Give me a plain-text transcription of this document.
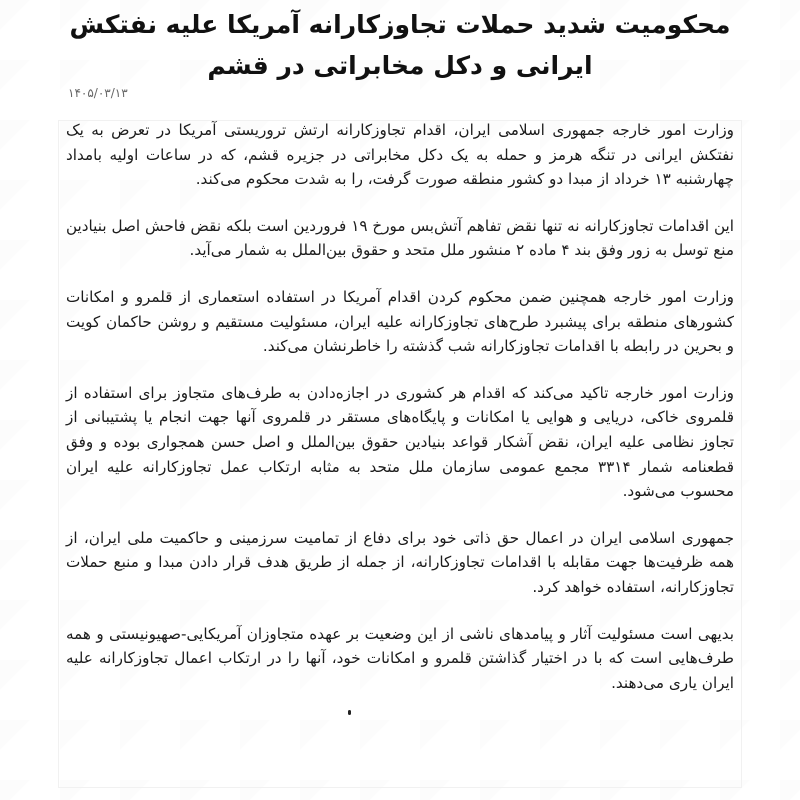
محکومیت شدید حملات تجاوزکارانه آمریکا علیه نفتکش
ایرانی و دکل مخابراتی در قشم
۱۴۰۵/۰۳/۱۳

وزارت امور خارجه جمهوری اسلامی ایران، اقدام تجاوزکارانه ارتش تروریستی آمریکا در تعرض به یک نفتکش ایرانی در تنگه هرمز و حمله به یک دکل مخابراتی در جزیره قشم، که در ساعات اولیه بامداد چهارشنبه ۱۳ خرداد از مبدا دو کشور منطقه صورت گرفت، را به شدت محکوم می‌کند.

این اقدامات تجاوزکارانه نه تنها نقض تفاهم آتش‌بس مورخ ۱۹ فروردین است بلکه نقض فاحش اصل بنیادین منع توسل به زور وفق بند ۴ ماده ۲ منشور ملل متحد و حقوق بین‌الملل به شمار می‌آید.

وزارت امور خارجه همچنین ضمن محکوم کردن اقدام آمریکا در استفاده استعماری از قلمرو و امکانات کشورهای منطقه برای پیشبرد طرح‌های تجاوزکارانه علیه ایران، مسئولیت مستقیم و روشن حاکمان کویت و بحرین در رابطه با اقدامات تجاوزکارانه شب گذشته را خاطرنشان می‌کند.

وزارت امور خارجه تاکید می‌کند که اقدام هر کشوری در اجازه‌دادن به طرف‌های متجاوز برای استفاده از قلمروی خاکی، دریایی و هوایی یا امکانات و پایگاه‌های مستقر در قلمروی آنها جهت انجام یا پشتیبانی از تجاوز نظامی علیه ایران، نقض آشکار قواعد بنیادین حقوق بین‌الملل و اصل حسن همجواری بوده و وفق قطعنامه شمار ۳۳۱۴ مجمع عمومی سازمان ملل متحد به مثابه ارتکاب عمل تجاوزکارانه علیه ایران محسوب می‌شود.

جمهوری اسلامی ایران در اعمال حق ذاتی خود برای دفاع از تمامیت سرزمینی و حاکمیت ملی ایران، از همه ظرفیت‌ها جهت مقابله با اقدامات تجاوزکارانه، از جمله از طریق هدف قرار دادن مبدا و منبع حملات تجاوزکارانه، استفاده خواهد کرد.

بدیهی است مسئولیت آثار و پیامدهای ناشی از این وضعیت بر عهده متجاوزان آمریکایی-صهیونیستی و همه طرف‌هایی است که با در اختیار گذاشتن قلمرو و امکانات خود، آنها را در ارتکاب اعمال تجاوزکارانه علیه ایران یاری می‌دهند.
